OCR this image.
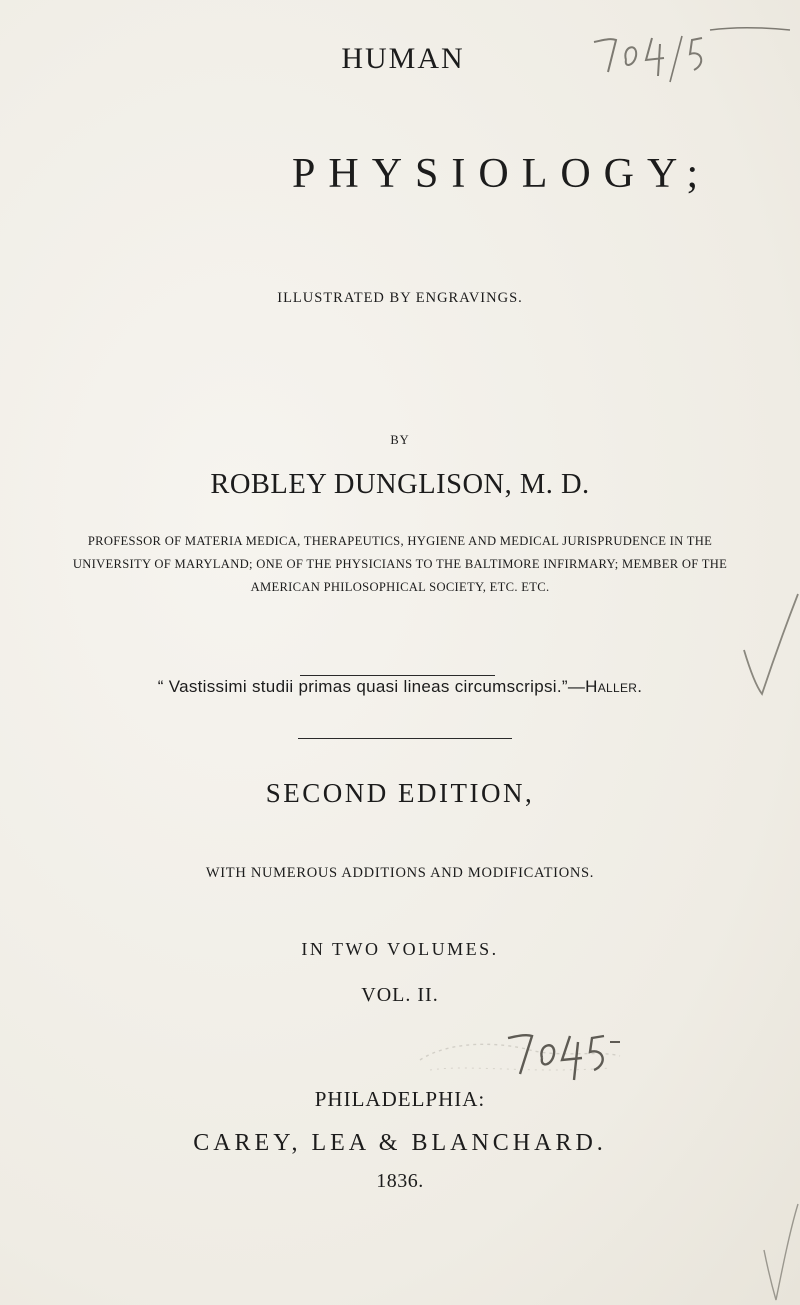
HUMAN
PHYSIOLOGY;
ILLUSTRATED BY ENGRAVINGS.
BY
ROBLEY DUNGLISON, M. D.
PROFESSOR OF MATERIA MEDICA, THERAPEUTICS, HYGIENE AND MEDICAL JURISPRUDENCE IN THE UNIVERSITY OF MARYLAND; ONE OF THE PHYSICIANS TO THE BALTIMORE INFIRMARY; MEMBER OF THE AMERICAN PHILOSOPHICAL SOCIETY, ETC. ETC.
“ Vastissimi studii primas quasi lineas circumscripsi.”—Haller.
SECOND EDITION,
WITH NUMEROUS ADDITIONS AND MODIFICATIONS.
IN TWO VOLUMES.
VOL. II.
PHILADELPHIA:
CAREY, LEA & BLANCHARD.
1836.
